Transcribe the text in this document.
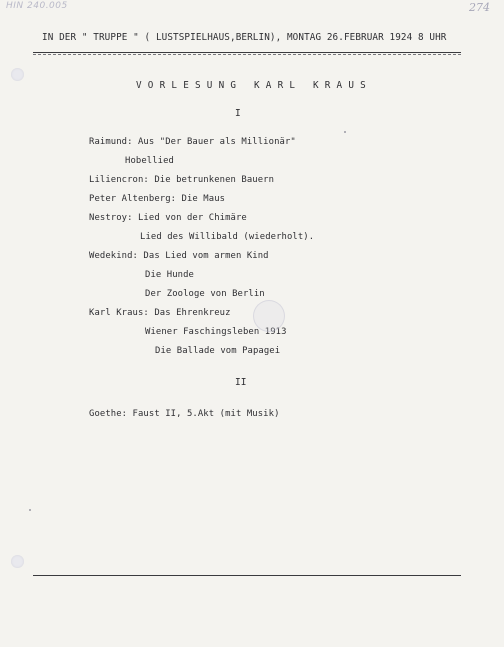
HIN 240.005	274
IN DER " TRUPPE " ( LUSTSPIELHAUS,BERLIN), MONTAG 26.FEBRUAR 1924 8 UHR
VORLESUNG KARL KRAUS
I
Raimund: Aus "Der Bauer als Millionär"
Hobellied
Liliencron: Die betrunkenen Bauern
Peter Altenberg: Die Maus
Nestroy: Lied von der Chimäre
Lied des Willibald (wiederholt).
Wedekind: Das Lied vom armen Kind
Die Hunde
Der Zoologe von Berlin
Karl Kraus: Das Ehrenkreuz
Wiener Faschingsleben 1913
Die Ballade vom Papagei
II
Goethe: Faust II, 5.Akt (mit Musik)
